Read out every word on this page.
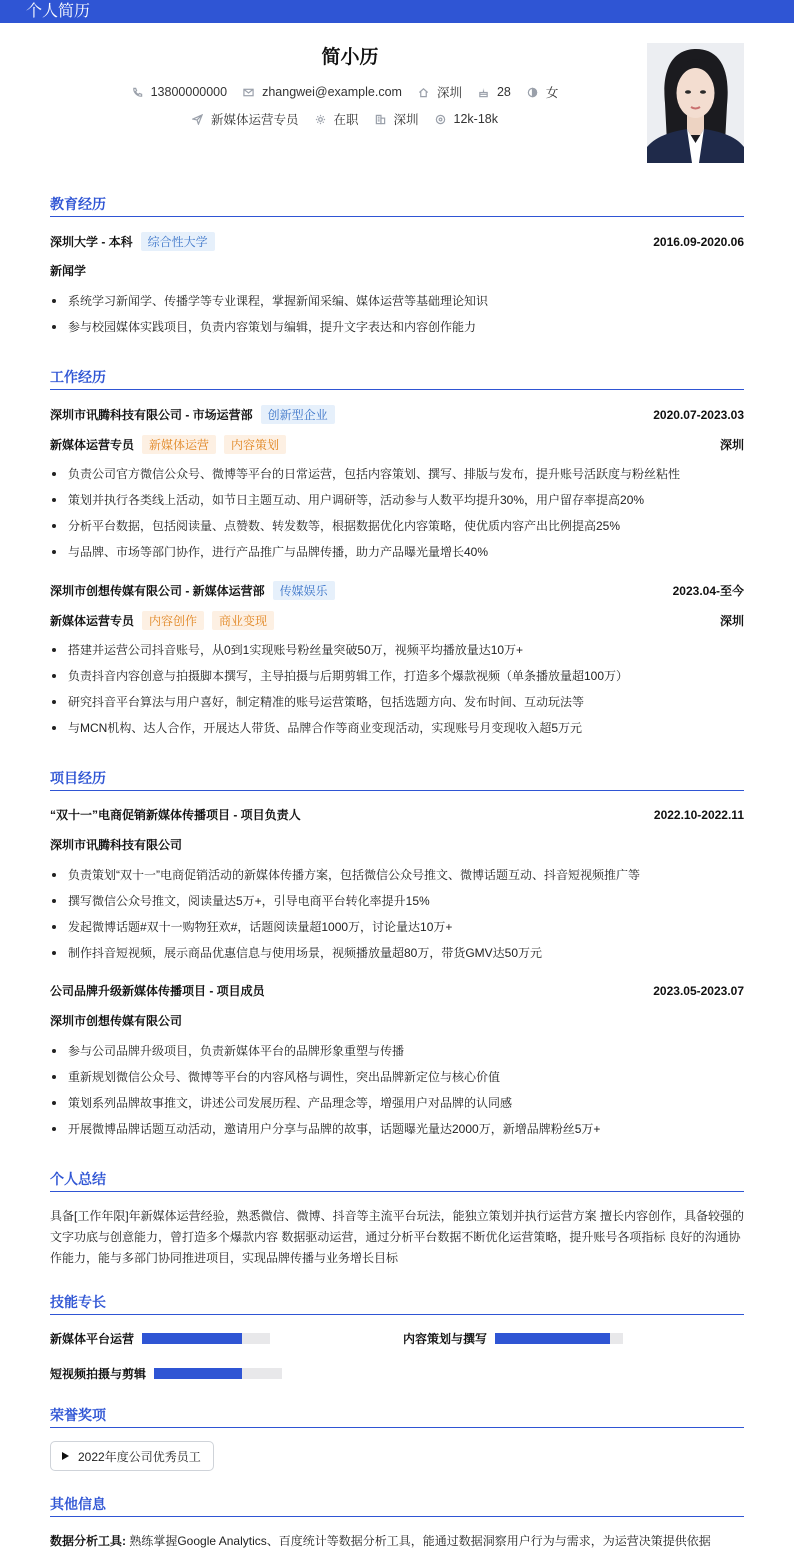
个人简历
简小历
13800000000	zhangwei@example.com	深圳	28	女
新媒体运营专员	在职	深圳	12k-18k
教育经历
深圳大学 - 本科	综合性大学	2016.09-2020.06
新闻学
系统学习新闻学、传播学等专业课程，掌握新闻采编、媒体运营等基础理论知识
参与校园媒体实践项目，负责内容策划与编辑，提升文字表达和内容创作能力
工作经历
深圳市讯腾科技有限公司 - 市场运营部	创新型企业	2020.07-2023.03
新媒体运营专员	新媒体运营	内容策划	深圳
负责公司官方微信公众号、微博等平台的日常运营，包括内容策划、撰写、排版与发布，提升账号活跃度与粉丝粘性
策划并执行各类线上活动，如节日主题互动、用户调研等，活动参与人数平均提升30%，用户留存率提高20%
分析平台数据，包括阅读量、点赞数、转发数等，根据数据优化内容策略，使优质内容产出比例提高25%
与品牌、市场等部门协作，进行产品推广与品牌传播，助力产品曝光量增长40%
深圳市创想传媒有限公司 - 新媒体运营部	传媒娱乐	2023.04-至今
新媒体运营专员	内容创作	商业变现	深圳
搭建并运营公司抖音账号，从0到1实现账号粉丝量突破50万，视频平均播放量达10万+
负责抖音内容创意与拍摄脚本撰写，主导拍摄与后期剪辑工作，打造多个爆款视频（单条播放量超100万）
研究抖音平台算法与用户喜好，制定精准的账号运营策略，包括选题方向、发布时间、互动玩法等
与MCN机构、达人合作，开展达人带货、品牌合作等商业变现活动，实现账号月变现收入超5万元
项目经历
“双十一”电商促销新媒体传播项目 - 项目负责人	2022.10-2022.11
深圳市讯腾科技有限公司
负责策划“双十一”电商促销活动的新媒体传播方案，包括微信公众号推文、微博话题互动、抖音短视频推广等
撰写微信公众号推文，阅读量达5万+，引导电商平台转化率提升15%
发起微博话题#双十一购物狂欢#，话题阅读量超1000万，讨论量达10万+
制作抖音短视频，展示商品优惠信息与使用场景，视频播放量超80万，带货GMV达50万元
公司品牌升级新媒体传播项目 - 项目成员	2023.05-2023.07
深圳市创想传媒有限公司
参与公司品牌升级项目，负责新媒体平台的品牌形象重塑与传播
重新规划微信公众号、微博等平台的内容风格与调性，突出品牌新定位与核心价值
策划系列品牌故事推文，讲述公司发展历程、产品理念等，增强用户对品牌的认同感
开展微博品牌话题互动活动，邀请用户分享与品牌的故事，话题曝光量达2000万，新增品牌粉丝5万+
个人总结
具备[工作年限]年新媒体运营经验，熟悉微信、微博、抖音等主流平台玩法，能独立策划并执行运营方案 擅长内容创作，具备较强的文字功底与创意能力，曾打造多个爆款内容 数据驱动运营，通过分析平台数据不断优化运营策略，提升账号各项指标 良好的沟通协作能力，能与多部门协同推进项目，实现品牌传播与业务增长目标
技能专长
新媒体平台运营	内容策划与撰写
短视频拍摄与剪辑
荣誉奖项
2022年度公司优秀员工
其他信息
数据分析工具: 熟练掌握Google Analytics、百度统计等数据分析工具，能通过数据洞察用户行为与需求，为运营决策提供依据
